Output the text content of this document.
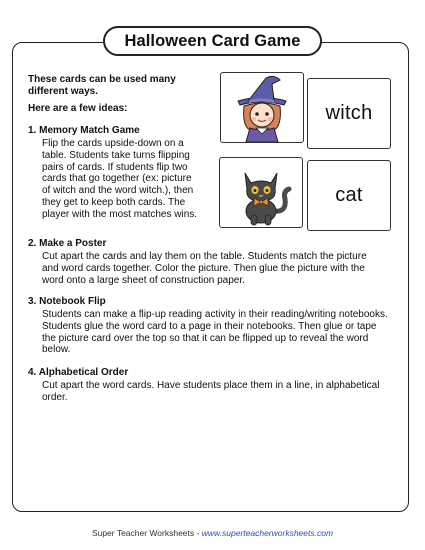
Halloween Card Game
These cards can be used many different ways.
Here are a few ideas:
1. Memory Match Game
Flip the cards upside-down on a
table. Students take turns flipping
pairs of cards. If students flip two
cards that go together (ex: picture
of witch and the word witch.), then
they get to keep both cards. The
player with the most matches wins.
2. Make a Poster
Cut apart the cards and lay them on the table. Students match the picture
and word cards together. Color the picture. Then glue the picture with the
word onto a large sheet of construction paper.
3. Notebook Flip
Students can make a flip-up reading activity in their reading/writing notebooks.
Students glue the word card to a page in their notebooks. Then glue or tape
the picture card over the top so that it can be flipped up to reveal the word
below.
4. Alphabetical Order
Cut apart the word cards. Have students place them in a line, in alphabetical
order.
witch
cat
Super Teacher Worksheets - www.superteacherworksheets.com
